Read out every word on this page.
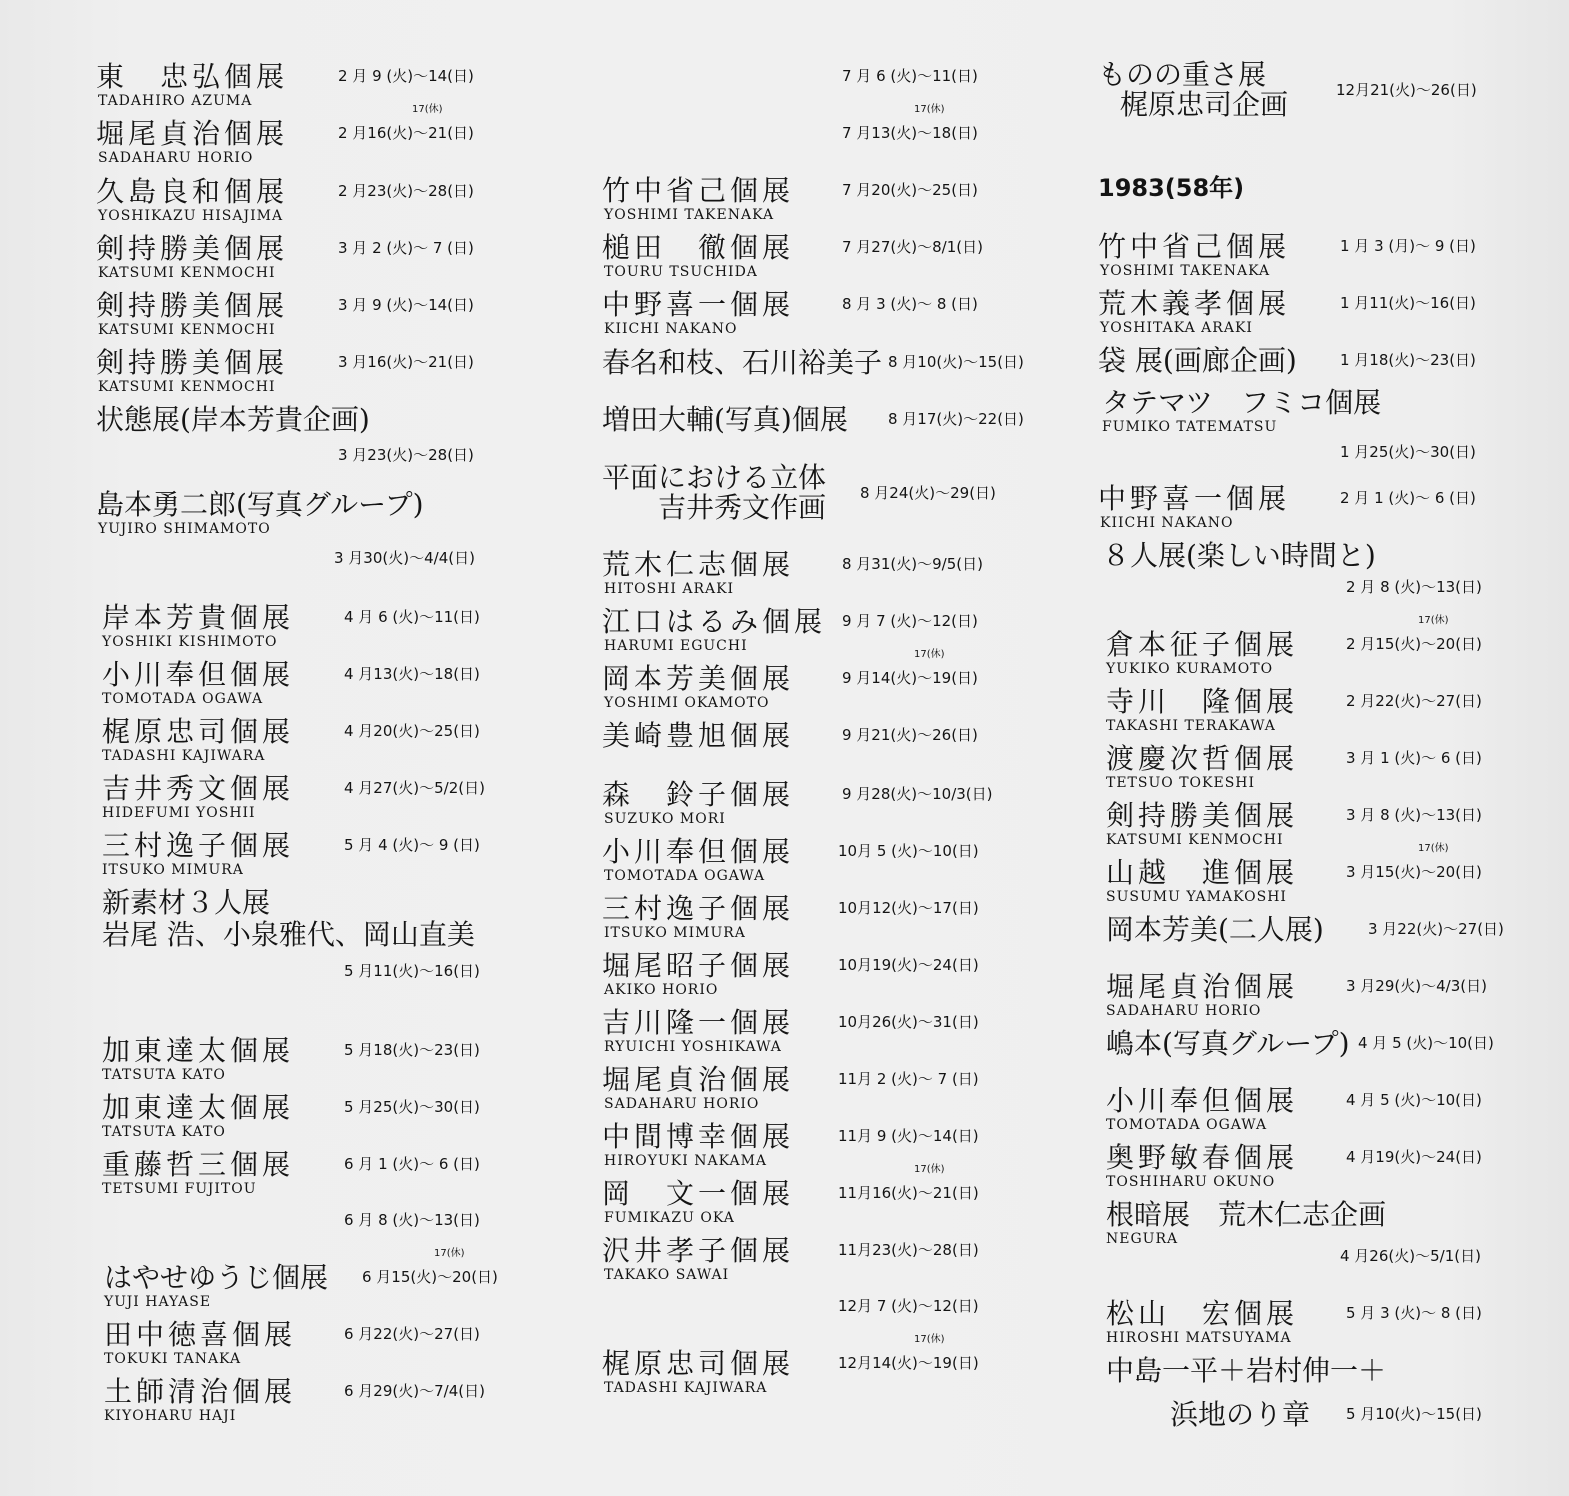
東　忠弘個展
TADAHIRO AZUMA
2 月 9 (火)～14(日)
堀尾貞治個展
SADAHARU HORIO
17(休)
2 月16(火)～21(日)
久島良和個展
YOSHIKAZU HISAJIMA
2 月23(火)～28(日)
剣持勝美個展
KATSUMI KENMOCHI
3 月 2 (火)～ 7 (日)
剣持勝美個展
KATSUMI KENMOCHI
3 月 9 (火)～14(日)
剣持勝美個展
KATSUMI KENMOCHI
3 月16(火)～21(日)
状態展(岸本芳貴企画)
3 月23(火)～28(日)
島本勇二郎(写真グループ)
YUJIRO SHIMAMOTO
3 月30(火)～4/4(日)
岸本芳貴個展
YOSHIKI KISHIMOTO
4 月 6 (火)～11(日)
小川奉但個展
TOMOTADA OGAWA
4 月13(火)～18(日)
梶原忠司個展
TADASHI KAJIWARA
4 月20(火)～25(日)
吉井秀文個展
HIDEFUMI YOSHII
4 月27(火)～5/2(日)
三村逸子個展
ITSUKO MIMURA
5 月 4 (火)～ 9 (日)
新素材３人展
岩尾 浩、小泉雅代、岡山直美
5 月11(火)～16(日)
加東達太個展
TATSUTA KATO
5 月18(火)～23(日)
加東達太個展
TATSUTA KATO
5 月25(火)～30(日)
重藤哲三個展
TETSUMI FUJITOU
6 月 1 (火)～ 6 (日)
6 月 8 (火)～13(日)
はやせゆうじ個展
YUJI HAYASE
17(休)
6 月15(火)～20(日)
田中徳喜個展
TOKUKI TANAKA
6 月22(火)～27(日)
土師清治個展
KIYOHARU HAJI
6 月29(火)～7/4(日)
7 月 6 (火)～11(日)
17(休)
7 月13(火)～18(日)
竹中省己個展
YOSHIMI TAKENAKA
7 月20(火)～25(日)
槌田　徹個展
TOURU TSUCHIDA
7 月27(火)～8/1(日)
中野喜一個展
KIICHI NAKANO
8 月 3 (火)～ 8 (日)
春名和枝、石川裕美子 8 月10(火)～15(日)
増田大輔(写真)個展	8 月17(火)～22(日)
平面における立体
吉井秀文作画 8 月24(火)～29(日)
荒木仁志個展
HITOSHI ARAKI
8 月31(火)～9/5(日)
江口はるみ個展
HARUMI EGUCHI
9 月 7 (火)～12(日)
岡本芳美個展
YOSHIMI OKAMOTO
17(休)
9 月14(火)～19(日)
美崎豊旭個展	9 月21(火)～26(日)
森　鈴子個展
SUZUKO MORI
9 月28(火)～10/3(日)
小川奉但個展
TOMOTADA OGAWA
10月 5 (火)～10(日)
三村逸子個展
ITSUKO MIMURA
10月12(火)～17(日)
堀尾昭子個展
AKIKO HORIO
10月19(火)～24(日)
吉川隆一個展
RYUICHI YOSHIKAWA
10月26(火)～31(日)
堀尾貞治個展
SADAHARU HORIO
11月 2 (火)～ 7 (日)
中間博幸個展
HIROYUKI NAKAMA
11月 9 (火)～14(日)
岡　文一個展
FUMIKAZU OKA
17(休)
11月16(火)～21(日)
沢井孝子個展
TAKAKO SAWAI
11月23(火)～28(日)
12月 7 (火)～12(日)
梶原忠司個展
TADASHI KAJIWARA
17(休)
12月14(火)～19(日)
ものの重さ展
梶原忠司企画	12月21(火)～26(日)
1983(58年)
竹中省己個展
YOSHIMI TAKENAKA
1 月 3 (月)～ 9 (日)
荒木義孝個展
YOSHITAKA ARAKI
1 月11(火)～16(日)
袋 展(画廊企画)	1 月18(火)～23(日)
タテマツ　フミコ個展
FUMIKO TATEMATSU
1 月25(火)～30(日)
中野喜一個展
KIICHI NAKANO
2 月 1 (火)～ 6 (日)
８人展(楽しい時間と)
2 月 8 (火)～13(日)
倉本征子個展
YUKIKO KURAMOTO
17(休)
2 月15(火)～20(日)
寺川　隆個展
TAKASHI TERAKAWA
2 月22(火)～27(日)
渡慶次哲個展
TETSUO TOKESHI
3 月 1 (火)～ 6 (日)
剣持勝美個展
KATSUMI KENMOCHI
3 月 8 (火)～13(日)
山越　進個展
SUSUMU YAMAKOSHI
17(休)
3 月15(火)～20(日)
岡本芳美(二人展)	3 月22(火)～27(日)
堀尾貞治個展
SADAHARU HORIO
3 月29(火)～4/3(日)
嶋本(写真グループ) 4 月 5 (火)～10(日)
小川奉但個展
TOMOTADA OGAWA
4 月 5 (火)～10(日)
奥野敏春個展
TOSHIHARU OKUNO
4 月19(火)～24(日)
根暗展　荒木仁志企画
NEGURA
4 月26(火)～5/1(日)
松山　宏個展
HIROSHI MATSUYAMA
5 月 3 (火)～ 8 (日)
中島一平＋岩村伸一＋
浜地のり章 5 月10(火)～15(日)
